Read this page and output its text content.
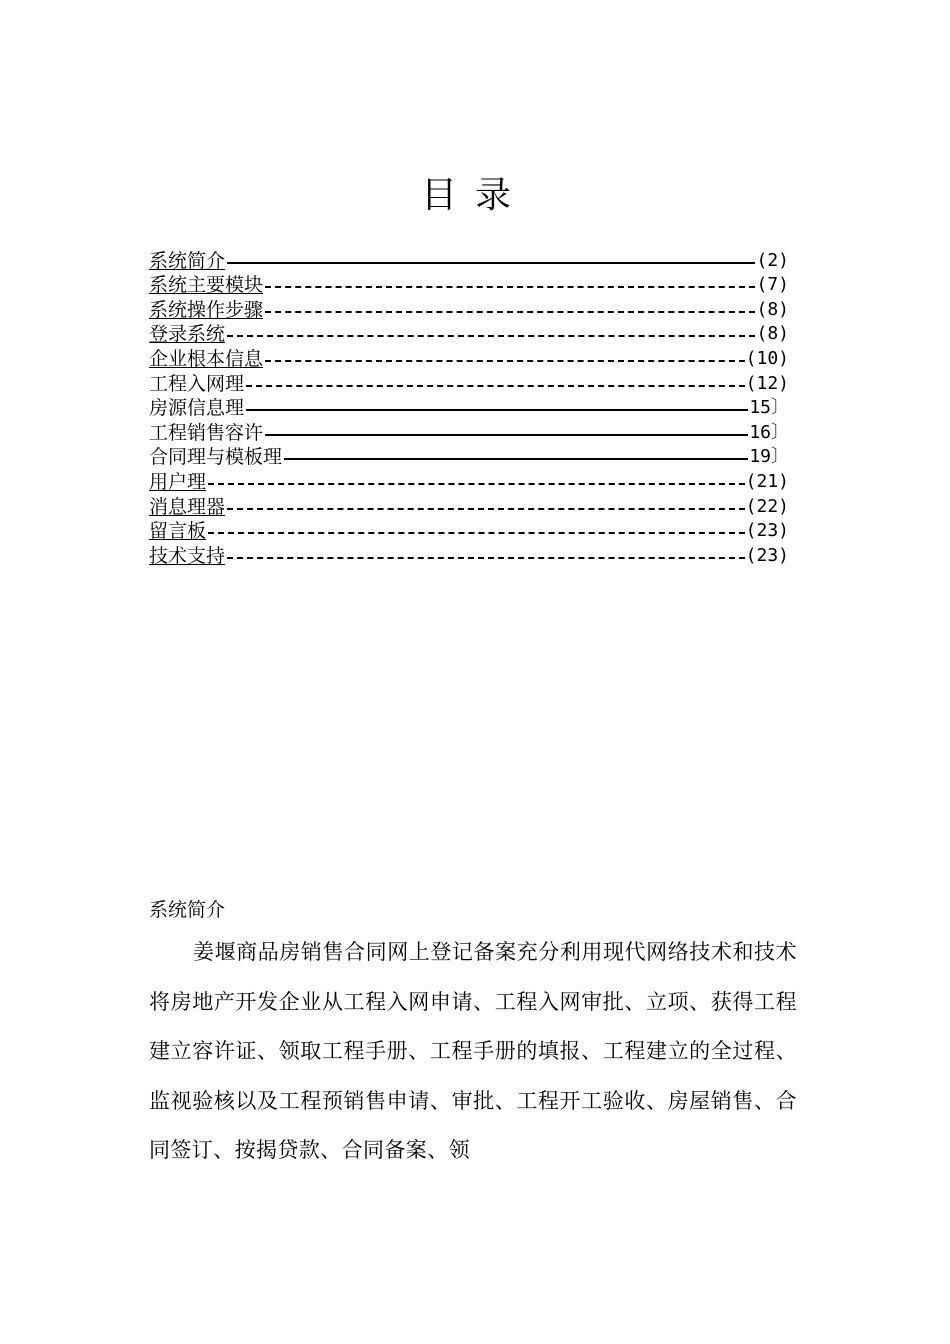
目录
系统简介	(2)
系统主要模块	(7)
系统操作步骤	(8)
登录系统	(8)
企业根本信息	(10)
工程入网理	(12)
房源信息理	15〕
工程销售容许	16〕
合同理与模板理	19〕
用户理	(21)
消息理器	(22)
留言板	(23)
技术支持	(23)
系统简介
姜堰商品房销售合同网上登记备案充分利用现代网络技术和技术将房地产开发企业从工程入网申请、工程入网审批、立项、获得工程建立容许证、领取工程手册、工程手册的填报、工程建立的全过程、监视验核以及工程预销售申请、审批、工程开工验收、房屋销售、合同签订、按揭贷款、合同备案、领
